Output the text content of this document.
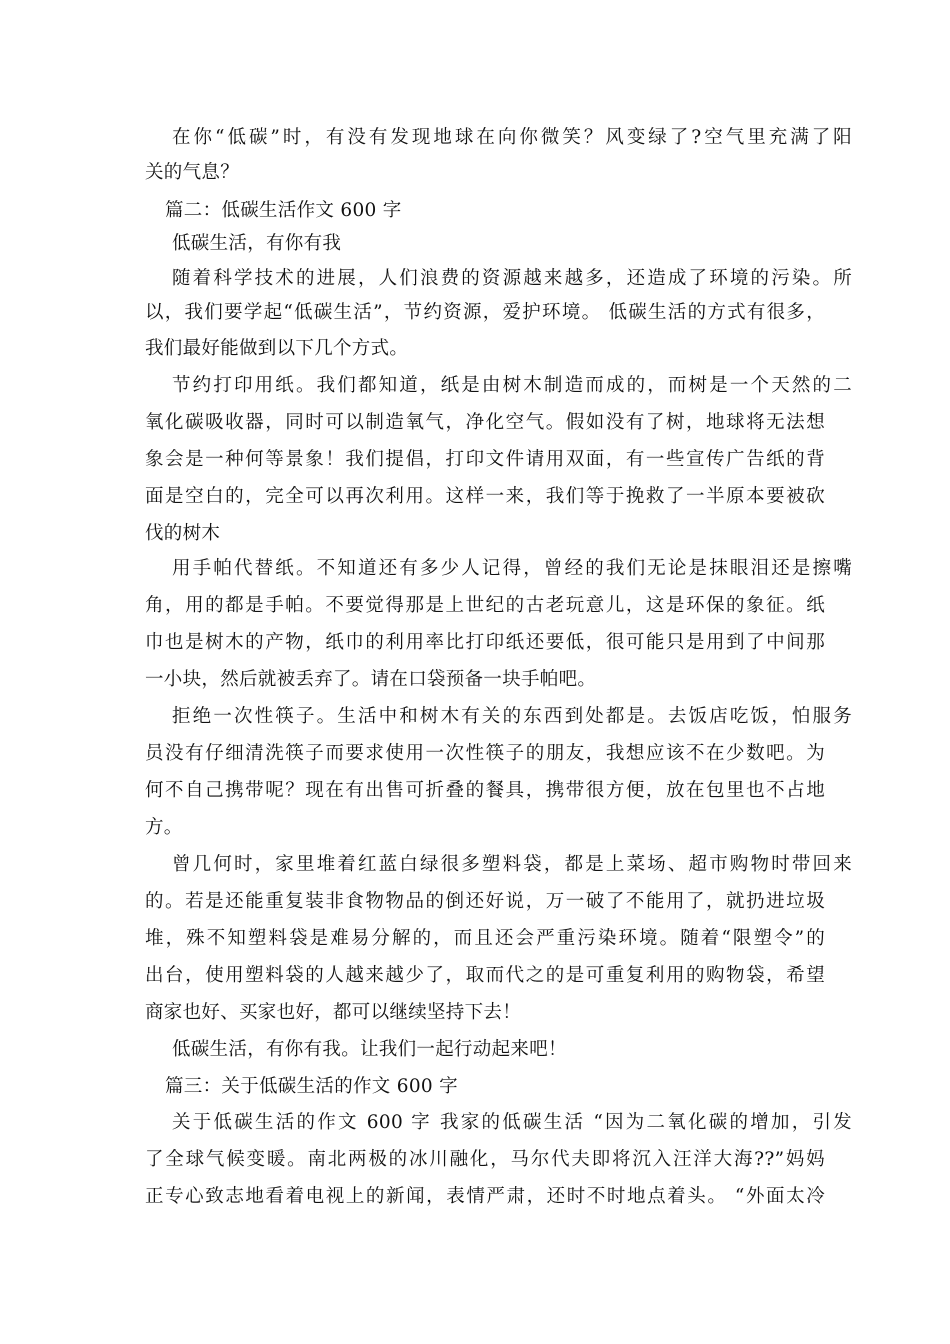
在你“低碳”时，有没有发现地球在向你微笑？风变绿了?空气里充满了阳
关的气息？
篇二：低碳生活作文 600 字
低碳生活，有你有我
随着科学技术的进展，人们浪费的资源越来越多，还造成了环境的污染。所
以，我们要学起“低碳生活”，节约资源，爱护环境。 低碳生活的方式有很多，
我们最好能做到以下几个方式。
节约打印用纸。我们都知道，纸是由树木制造而成的，而树是一个天然的二
氧化碳吸收器，同时可以制造氧气，净化空气。假如没有了树，地球将无法想
象会是一种何等景象！我们提倡，打印文件请用双面，有一些宣传广告纸的背
面是空白的，完全可以再次利用。这样一来，我们等于挽救了一半原本要被砍
伐的树木
用手帕代替纸。不知道还有多少人记得，曾经的我们无论是抹眼泪还是擦嘴
角，用的都是手帕。不要觉得那是上世纪的古老玩意儿，这是环保的象征。纸
巾也是树木的产物，纸巾的利用率比打印纸还要低，很可能只是用到了中间那
一小块，然后就被丢弃了。请在口袋预备一块手帕吧。
拒绝一次性筷子。生活中和树木有关的东西到处都是。去饭店吃饭，怕服务
员没有仔细清洗筷子而要求使用一次性筷子的朋友，我想应该不在少数吧。为
何不自己携带呢？现在有出售可折叠的餐具，携带很方便，放在包里也不占地
方。
曾几何时，家里堆着红蓝白绿很多塑料袋，都是上菜场、超市购物时带回来
的。若是还能重复装非食物物品的倒还好说，万一破了不能用了，就扔进垃圾
堆，殊不知塑料袋是难易分解的，而且还会严重污染环境。随着“限塑令”的
出台，使用塑料袋的人越来越少了，取而代之的是可重复利用的购物袋，希望
商家也好、买家也好，都可以继续坚持下去！
低碳生活，有你有我。让我们一起行动起来吧！
篇三：关于低碳生活的作文 600 字
关于低碳生活的作文 600 字 我家的低碳生活 “因为二氧化碳的增加，引发
了全球气候变暖。南北两极的冰川融化，马尔代夫即将沉入汪洋大海??”妈妈
正专心致志地看着电视上的新闻，表情严肃，还时不时地点着头。 “外面太冷
